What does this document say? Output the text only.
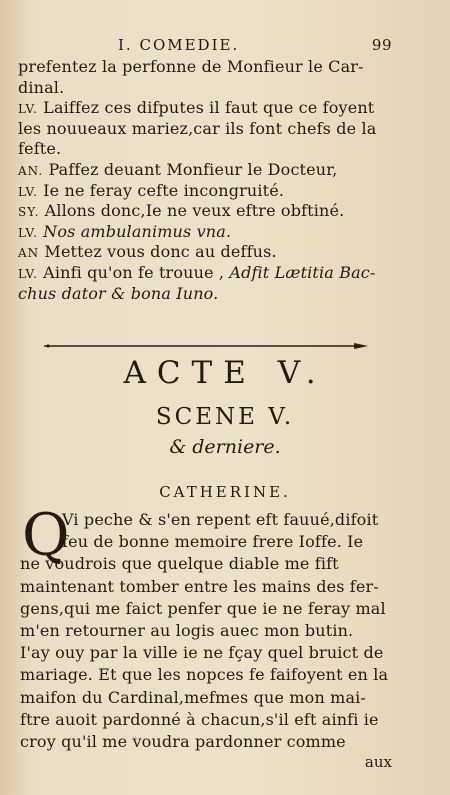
I. COMEDIE.	99
prefentez la perfonne de Monfieur le Car-
dinal.
LV. Laiffez ces difputes il faut que ce foyent
les nouueaux mariez,car ils font chefs de la
fefte.
AN. Paffez deuant Monfieur le Docteur,
LV. Ie ne feray cefte incongruité.
SY. Allons donc,Ie ne veux eftre obftiné.
LV. Nos ambulanimus vna.
AN Mettez vous donc au deffus.
LV. Ainfi qu'on fe trouue , Adfit Lætitia Bac-
chus dator & bona Iuno.
ACTE V.
SCENE V.
& derniere.
CATHERINE.
Q
Vi peche & s'en repent eft fauué,difoit
feu de bonne memoire frere Ioffe. Ie
ne voudrois que quelque diable me fift
maintenant tomber entre les mains des fer-
gens,qui me faict penfer que ie ne feray mal
m'en retourner au logis auec mon butin.
I'ay ouy par la ville ie ne fçay quel bruict de
mariage. Et que les nopces fe faifoyent en la
maifon du Cardinal,mefmes que mon mai-
ftre auoit pardonné à chacun,s'il eft ainfi ie
croy qu'il me voudra pardonner comme
aux
